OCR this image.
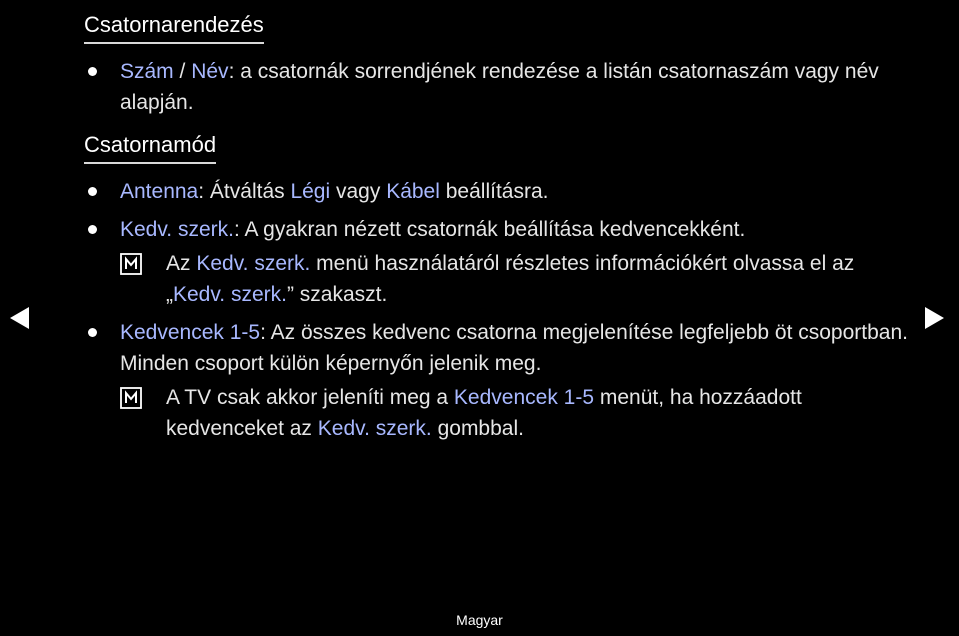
Csatornarendezés
Szám / Név: a csatornák sorrendjének rendezése a listán csatornaszám vagy név alapján.
Csatornamód
Antenna: Átváltás Légi vagy Kábel beállításra.
Kedv. szerk.: A gyakran nézett csatornák beállítása kedvencekként.
Az Kedv. szerk. menü használatáról részletes információkért olvassa el az „Kedv. szerk.” szakaszt.
Kedvencek 1-5: Az összes kedvenc csatorna megjelenítése legfeljebb öt csoportban. Minden csoport külön képernyőn jelenik meg.
A TV csak akkor jeleníti meg a Kedvencek 1-5 menüt, ha hozzáadott kedvenceket az Kedv. szerk. gombbal.
Magyar
